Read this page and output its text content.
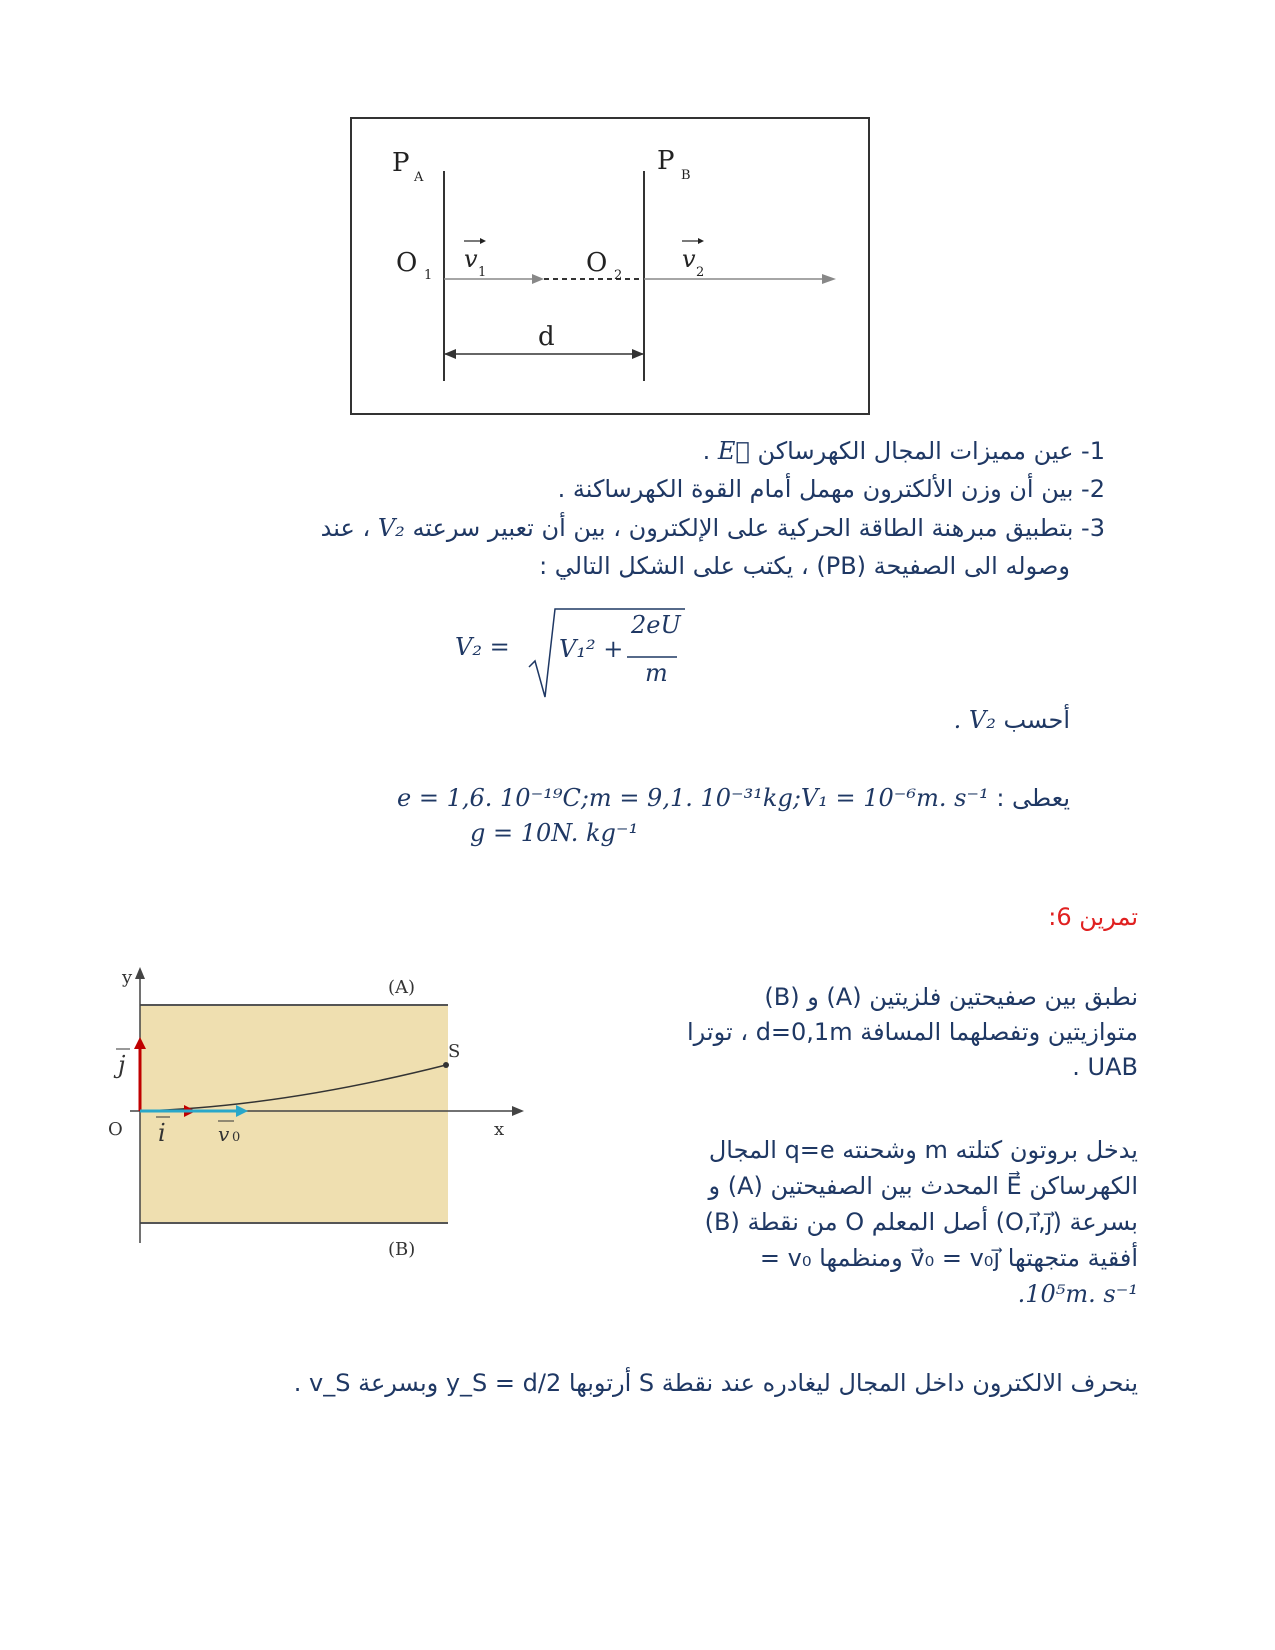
P A
P B
O 1	O 2
v 1	v 2
d
1- عين مميزات المجال الكهرساكن E⃗ .
2- بين أن وزن الألكترون مهمل أمام القوة الكهرساكنة .
3- بتطبيق مبرهنة الطاقة الحركية على الإلكترون ، بين أن تعبير سرعته V₂ ، عند
وصوله الى الصفيحة (PB) ، يكتب على الشكل التالي :
V₂ = V₁² +
2eU
m
أحسب V₂ .
يعطى : e = 1,6. 10⁻¹⁹C;m = 9,1. 10⁻³¹kg;V₁ = 10⁻⁶m. s⁻¹
g = 10N. kg⁻¹
تمرين 6:
y
x
(A)
(B)
S
O
j
i	v 0
نطبق بين صفيحتين فلزيتين (A) و (B)
متوازيتين وتفصلهما المسافة d=0,1m ، توترا
. UAB
يدخل بروتون كتلته m وشحنته q=e المجال
الكهرساكن E⃗ المحدث بين الصفيحتين (A) و
(B) من نقطة O أصل المعلم (O,i⃗,j⃗) بسرعة
أفقية متجهتها v⃗₀ = v₀j⃗ ومنظمها v₀ =
.10⁵m. s⁻¹
ينحرف الالكترون داخل المجال ليغادره عند نقطة S أرتوبها y_S = d/2 وبسرعة v_S .
